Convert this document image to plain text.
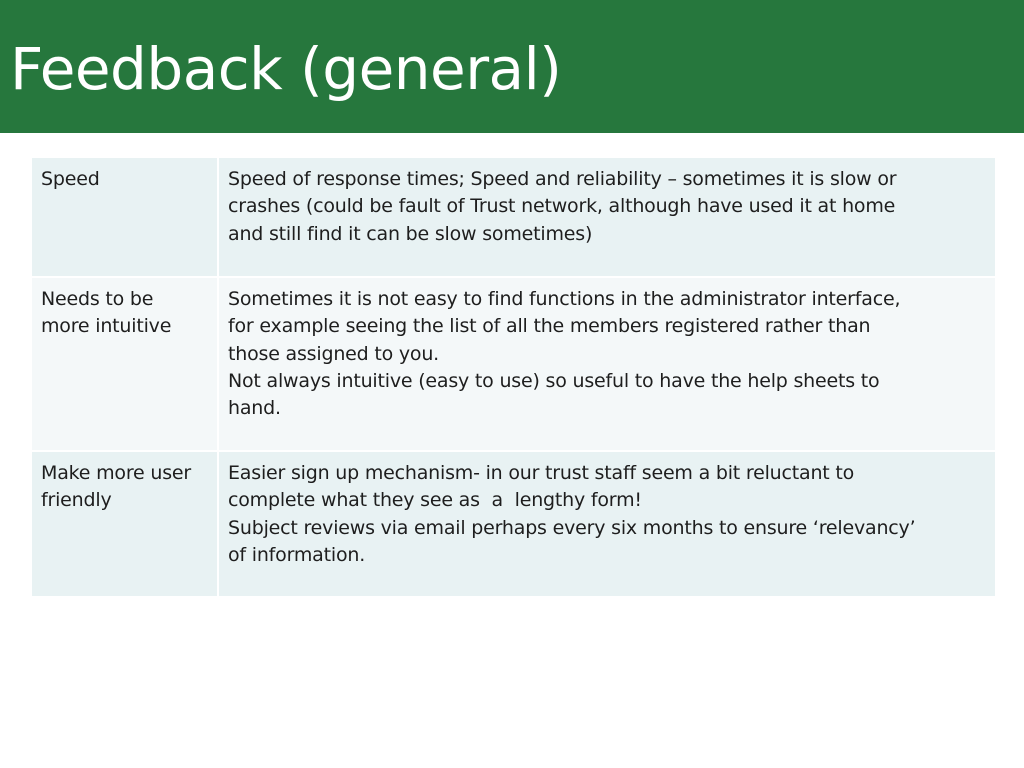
Feedback (general)
Speed	Speed of response times; Speed and reliability – sometimes it is slow or
crashes (could be fault of Trust network, although have used it at home
and still find it can be slow sometimes)

Needs to be
more intuitive	Sometimes it is not easy to find functions in the administrator interface,
for example seeing the list of all the members registered rather than
those assigned to you.
Not always intuitive (easy to use) so useful to have the help sheets to
hand.

Make more user
friendly	Easier sign up mechanism- in our trust staff seem a bit reluctant to
complete what they see as  a  lengthy form!
Subject reviews via email perhaps every six months to ensure ‘relevancy’
of information.
